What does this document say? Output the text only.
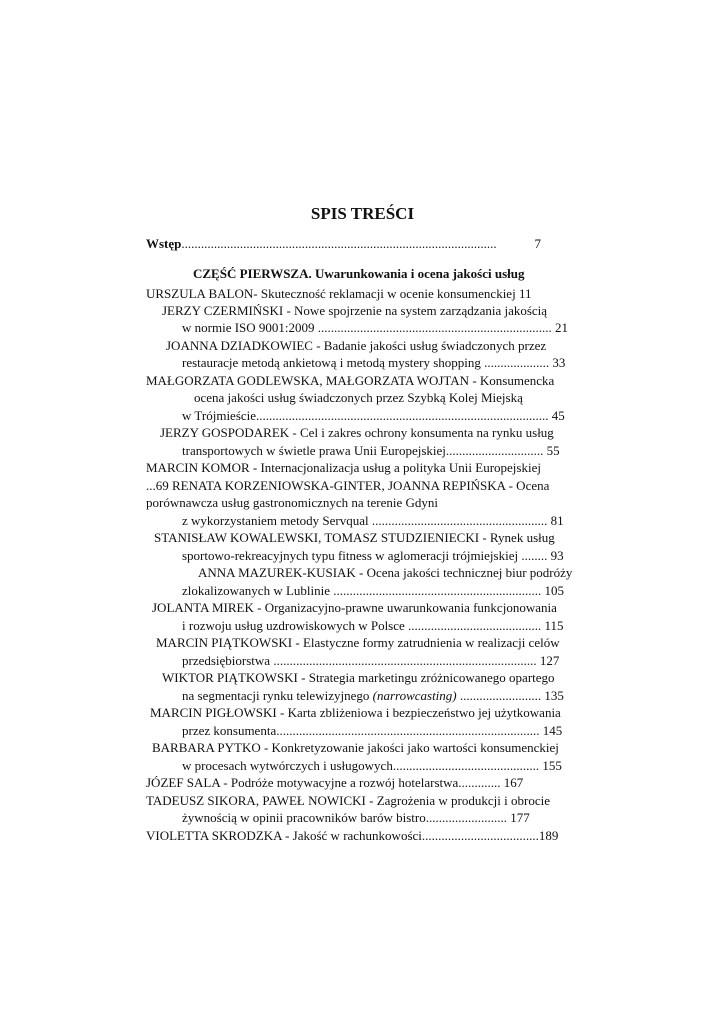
SPIS TREŚCI
Wstęp.................................................................................................	7
CZĘŚĆ PIERWSZA. Uwarunkowania i ocena jakości usług
URSZULA BALON- Skuteczność reklamacji w ocenie konsumenckiej 11
JERZY CZERMIŃSKI - Nowe spojrzenie na system zarządzania jakością
w normie ISO 9001:2009 ........................................................................ 21
JOANNA DZIADKOWIEC - Badanie jakości usług świadczonych przez
restauracje metodą ankietową i metodą mystery shopping .................... 33
MAŁGORZATA GODLEWSKA, MAŁGORZATA WOJTAN - Konsumencka
ocena jakości usług świadczonych przez Szybką Kolej Miejską
w Trójmieście.......................................................................................... 45
JERZY GOSPODAREK - Cel i zakres ochrony konsumenta na rynku usług
transportowych w świetle prawa Unii Europejskiej.............................. 55
MARCIN KOMOR - Internacjonalizacja usług a polityka Unii Europejskiej
...69 RENATA KORZENIOWSKA-GINTER, JOANNA REPIŃSKA - Ocena
porównawcza usług gastronomicznych na terenie Gdyni
z wykorzystaniem metody Servqual ...................................................... 81
STANISŁAW KOWALEWSKI, TOMASZ STUDZIENIECKI - Rynek usług
sportowo-rekreacyjnych typu fitness w aglomeracji trójmiejskiej ........ 93
ANNA MAZUREK-KUSIAK - Ocena jakości technicznej biur podróży
zlokalizowanych w Lublinie ................................................................ 105
JOLANTA MIREK - Organizacyjno-prawne uwarunkowania funkcjonowania
i rozwoju usług uzdrowiskowych w Polsce ......................................... 115
MARCIN PIĄTKOWSKI - Elastyczne formy zatrudnienia w realizacji celów
przedsiębiorstwa ................................................................................. 127
WIKTOR PIĄTKOWSKI - Strategia marketingu zróżnicowanego opartego
na segmentacji rynku telewizyjnego (narrowcasting) ......................... 135
MARCIN PIGŁOWSKI - Karta zbliżeniowa i bezpieczeństwo jej użytkowania
przez konsumenta................................................................................. 145
BARBARA PYTKO - Konkretyzowanie jakości jako wartości konsumenckiej
w procesach wytwórczych i usługowych............................................. 155
JÓZEF SALA - Podróże motywacyjne a rozwój hotelarstwa............. 167
TADEUSZ SIKORA, PAWEŁ NOWICKI - Zagrożenia w produkcji i obrocie
żywnością w opinii pracowników barów bistro......................... 177
VIOLETTA SKRODZKA - Jakość w rachunkowości....................................189
